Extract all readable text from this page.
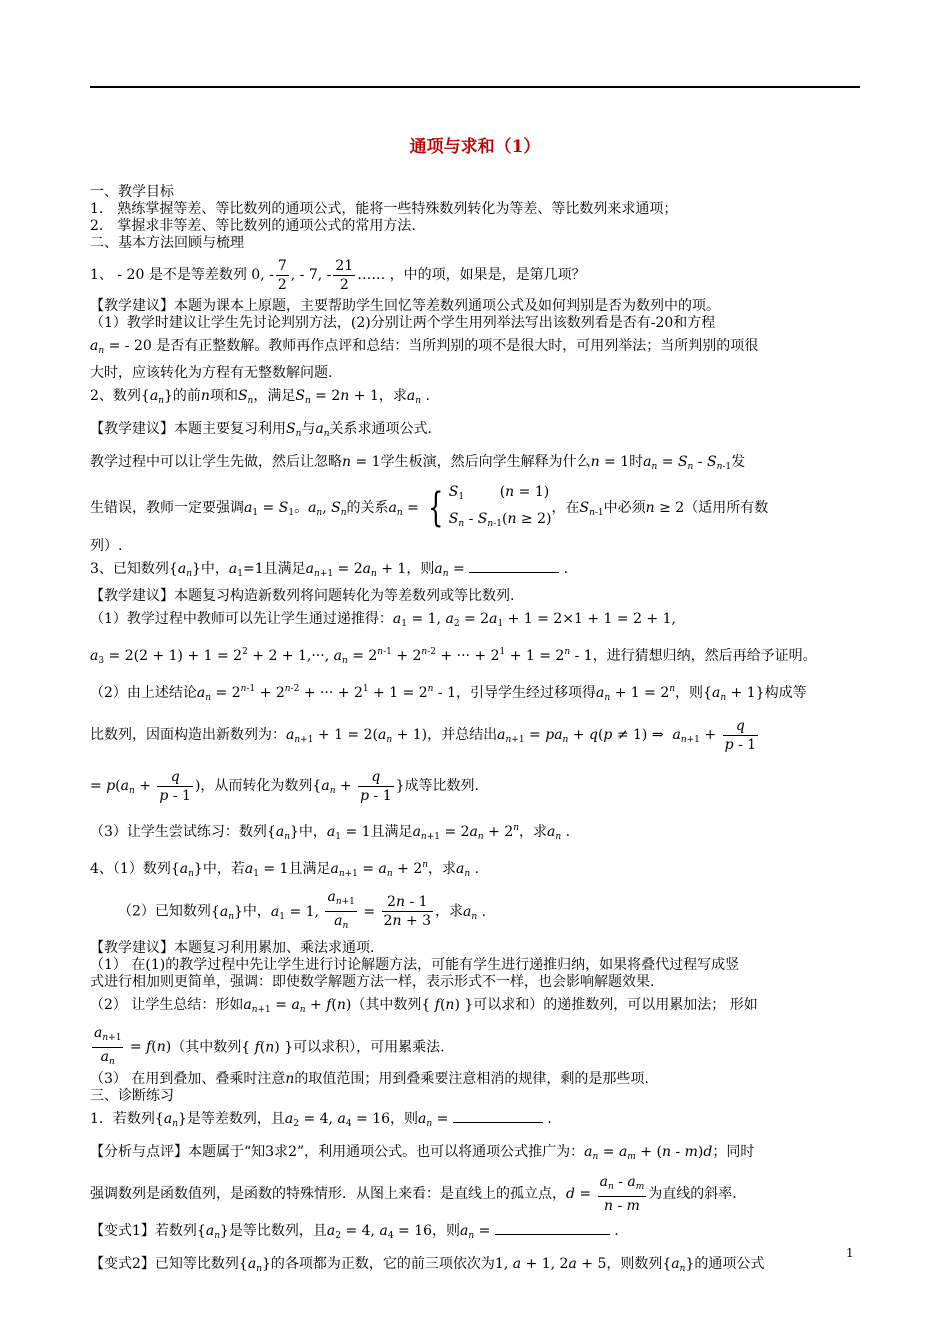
通项与求和（1）
一、教学目标
1． 熟练掌握等差、等比数列的通项公式，能将一些特殊数列转化为等差、等比数列来求通项；
2． 掌握求非等差、等比数列的通项公式的常用方法.
二、基本方法回顾与梳理
1、 - 20 是不是等差数列 0, - $\frac{7}{2}$ , - 7, - $\frac{21}{2}$ …… ，中的项，如果是，是第几项？
【教学建议】本题为课本上原题，主要帮助学生回忆等差数列通项公式及如何判别是否为数列中的项。
（1）教学时建议让学生先讨论判别方法，(2)分别让两个学生用列举法写出该数列看是否有-20和方程
$a_n$ = - 20 是否有正整数解。教师再作点评和总结：当所判别的项不是很大时，可用列举法；当所判别的项很
大时，应该转化为方程有无整数解问题.
2、数列$\{a_n\}$的前n项和$S_n$，满足$S_n = 2n + 1$，求$a_n$ .
【教学建议】本题主要复习利用$S_n$与$a_n$关系求通项公式.
教学过程中可以让学生先做，然后让忽略n = 1学生板演，然后向学生解释为什么n = 1时$a_n = S_n - S_{n-1}$发
生错误，教师一定要强调$a_1 = S_1$。$a_n$, $S_n$的关系$a_n$ = { $S_1$        (n = 1)
$S_n - S_{n-1}(n \ge 2)$
，在$S_{n-1}$中必须n ≥ 2（适用所有数
列）.
3、已知数列$\{a_n\}$中，$a_1=1$且满足$a_{n+1} = 2a_n + 1$，则$a_n$ =	.
【教学建议】本题复习构造新数列将问题转化为等差数列或等比数列.
（1）教学过程中教师可以先让学生通过递推得：$a_1 = 1$, $a_2 = 2a_1 + 1 = 2\times 1 + 1 = 2 + 1$,
$a_3 = 2(2 + 1) + 1 = 2^2 + 2 + 1,\cdot\cdot\cdot$, $a_n = 2^{n-1} + 2^{n-2}$ + ··· + $2^1 + 1 = 2^n - 1$，进行猜想归纳，然后再给予证明。
（2）由上述结论$a_n = 2^{n-1} + 2^{n-2}$ + ··· + $2^1 + 1 = 2^n - 1$，引导学生经过移项得$a_n + 1 = 2^n$，则$\{a_n + 1\}$构成等
比数列，因面构造出新数列为：$a_{n+1} + 1 = 2(a_n + 1)$，并总结出$a_{n+1} = pa_n + q(p \ne 1)$ ⇒  $a_{n+1} + \frac{q}{p - 1}$
= $p(a_n + \frac{q}{p - 1}$ )，从而转化为数列{$a_n + \frac{q}{p - 1}$ }成等比数列.
（3）让学生尝试练习：数列$\{a_n\}$中，$a_1 = 1$且满足$a_{n+1} = 2a_n + 2^n$，求$a_n$ .
4、（1）数列$\{a_n\}$中，若$a_1 = 1$且满足$a_{n+1} = a_n + 2^n$，求$a_n$ .
（2）已知数列$\{a_n\}$中，$a_1 = 1$, $\frac{a_{n+1}}{a_n} = \frac{2n - 1}{2n + 3}$ ，求$a_n$ .
【教学建议】本题复习利用累加、乘法求通项.
（1） 在(1)的教学过程中先让学生进行讨论解题方法，可能有学生进行递推归纳，如果将叠代过程写成竖
式进行相加则更简单，强调：即使数学解题方法一样，表示形式不一样，也会影响解题效果.
（2） 让学生总结：形如$a_{n+1} = a_n + f(n)$（其中数列{ f(n) }可以求和）的递推数列，可以用累加法； 形如
$\frac{a_{n+1}}{a_n} = f(n)$（其中数列{ f(n) }可以求积），可用累乘法.
（3） 在用到叠加、叠乘时注意n的取值范围；用到叠乘要注意相消的规律，剩的是那些项.
三、诊断练习
1．若数列$\{a_n\}$是等差数列，且$a_2 = 4$, $a_4 = 16$，则$a_n$ =	.
【分析与点评】本题属于“知3求2”，利用通项公式。也可以将通项公式推广为：$a_n = a_m + (n - m)d$；同时
强调数列是函数值列，是函数的特殊情形．从图上来看：是直线上的孤立点，$d = \frac{a_n - a_m}{n - m}$ 为直线的斜率.
【变式1】若数列$\{a_n\}$是等比数列，且$a_2 = 4$, $a_4 = 16$，则$a_n$ =	.
【变式2】已知等比数列$\{a_n\}$的各项都为正数，它的前三项依次为1, a + 1, 2a + 5，则数列$\{a_n\}$的通项公式
1
